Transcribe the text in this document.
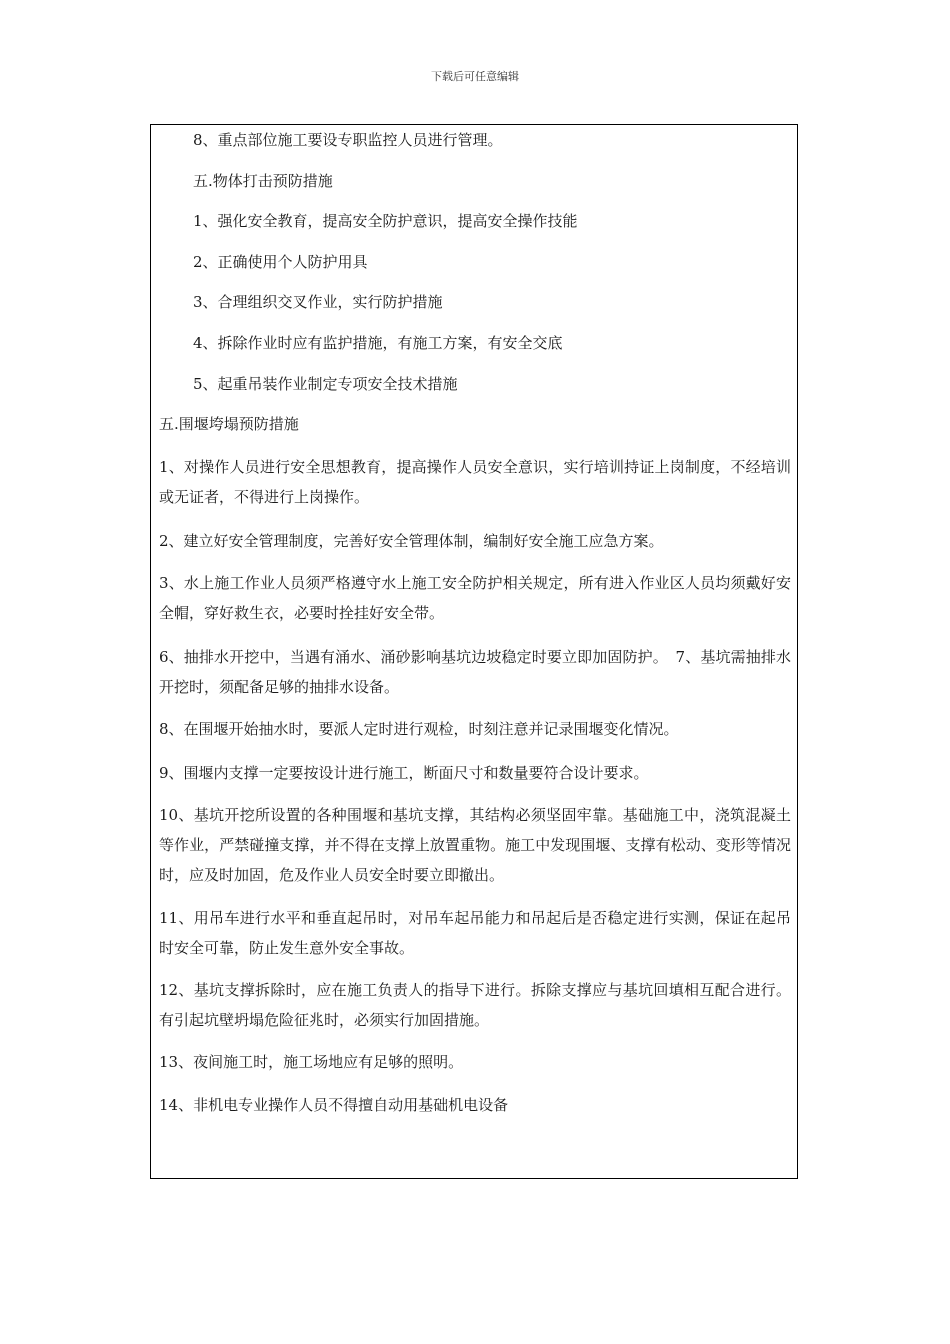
下载后可任意编辑
8、重点部位施工要设专职监控人员进行管理。
五.物体打击预防措施
1、强化安全教育，提高安全防护意识，提高安全操作技能
2、正确使用个人防护用具
3、合理组织交叉作业，实行防护措施
4、拆除作业时应有监护措施，有施工方案，有安全交底
5、起重吊装作业制定专项安全技术措施
五.围堰垮塌预防措施
1、对操作人员进行安全思想教育，提高操作人员安全意识，实行培训持证上岗制度，不经培训或无证者，不得进行上岗操作。
2、建立好安全管理制度，完善好安全管理体制，编制好安全施工应急方案。
3、水上施工作业人员须严格遵守水上施工安全防护相关规定，所有进入作业区人员均须戴好安全帽，穿好救生衣，必要时拴挂好安全带。
6、抽排水开挖中，当遇有涌水、涌砂影响基坑边坡稳定时要立即加固防护。　7、基坑需抽排水开挖时，须配备足够的抽排水设备。
8、在围堰开始抽水时，要派人定时进行观检，时刻注意并记录围堰变化情况。
9、围堰内支撑一定要按设计进行施工，断面尺寸和数量要符合设计要求。
10、基坑开挖所设置的各种围堰和基坑支撑，其结构必须坚固牢靠。基础施工中，浇筑混凝土等作业，严禁碰撞支撑，并不得在支撑上放置重物。施工中发现围堰、支撑有松动、变形等情况时，应及时加固，危及作业人员安全时要立即撤出。
11、用吊车进行水平和垂直起吊时，对吊车起吊能力和吊起后是否稳定进行实测，保证在起吊时安全可靠，防止发生意外安全事故。
12、基坑支撑拆除时，应在施工负责人的指导下进行。拆除支撑应与基坑回填相互配合进行。有引起坑壁坍塌危险征兆时，必须实行加固措施。
13、夜间施工时，施工场地应有足够的照明。
14、非机电专业操作人员不得擅自动用基础机电设备
